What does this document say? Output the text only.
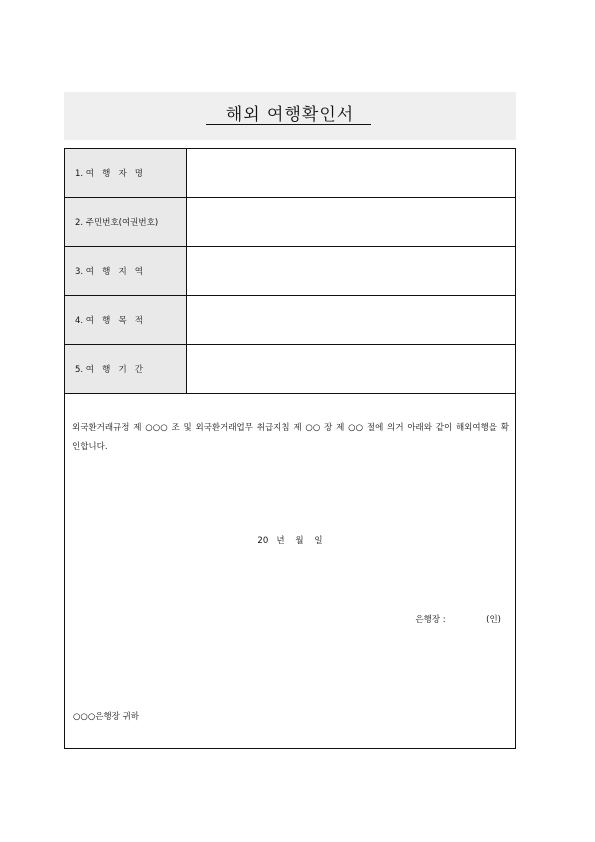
해외 여행확인서
1. 여   행   자   명
2. 주민번호(여권번호)
3. 여   행   지   역
4. 여   행   목   적
5. 여   행   기   간
외국환거래규정 제 ○○○ 조 및 외국환거래업무 취급지침 제 ○○ 장 제 ○○ 절에 의거 아래와 같이 해외여행을 확인합니다.
20   년    월    일
은행장 :               (인)
○○○은행장 귀하
